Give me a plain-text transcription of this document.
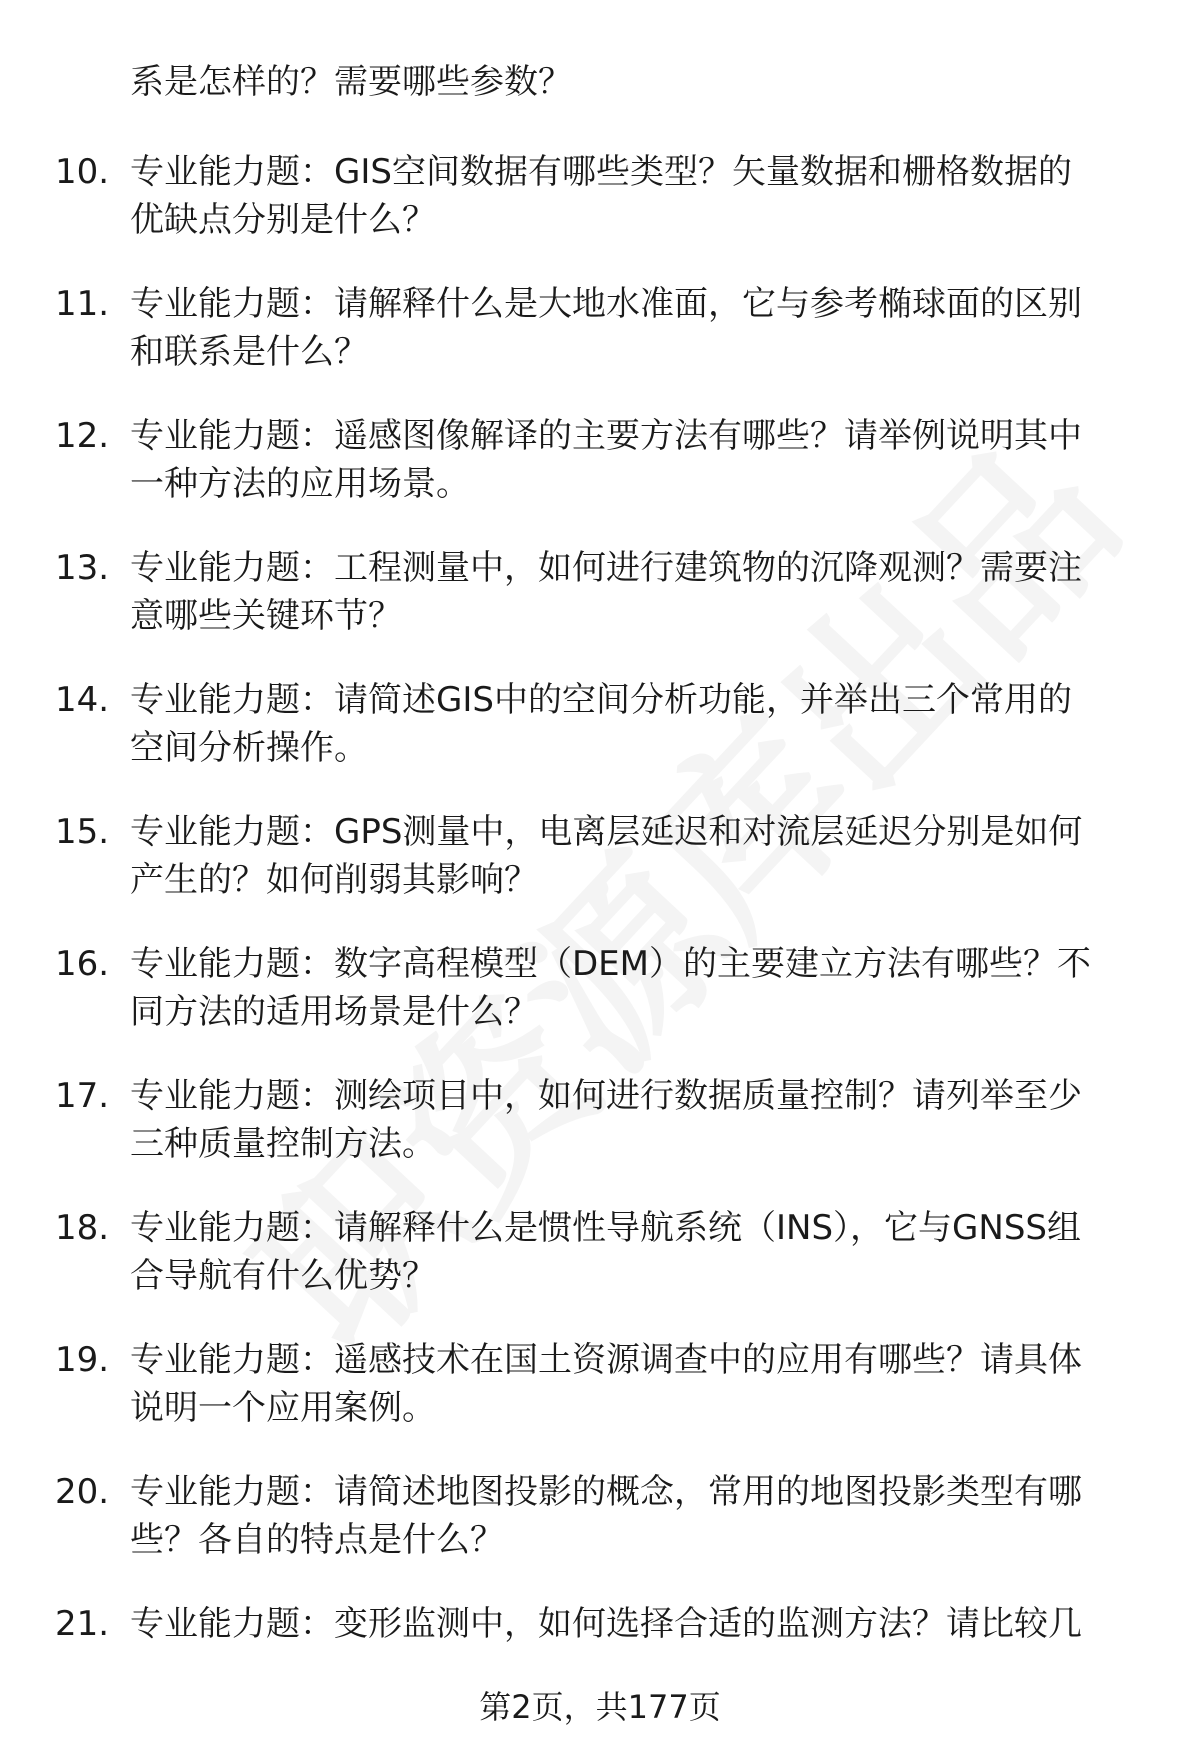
系是怎样的？需要哪些参数？
10. 专业能力题：GIS空间数据有哪些类型？矢量数据和栅格数据的
优缺点分别是什么？
11. 专业能力题：请解释什么是大地水准面，它与参考椭球面的区别
和联系是什么？
12. 专业能力题：遥感图像解译的主要方法有哪些？请举例说明其中
一种方法的应用场景。
13. 专业能力题：工程测量中，如何进行建筑物的沉降观测？需要注
意哪些关键环节？
14. 专业能力题：请简述GIS中的空间分析功能，并举出三个常用的
空间分析操作。
15. 专业能力题：GPS测量中，电离层延迟和对流层延迟分别是如何
产生的？如何削弱其影响？
16. 专业能力题：数字高程模型（DEM）的主要建立方法有哪些？不
同方法的适用场景是什么？
17. 专业能力题：测绘项目中，如何进行数据质量控制？请列举至少
三种质量控制方法。
18. 专业能力题：请解释什么是惯性导航系统（INS），它与GNSS组
合导航有什么优势？
19. 专业能力题：遥感技术在国土资源调查中的应用有哪些？请具体
说明一个应用案例。
20. 专业能力题：请简述地图投影的概念，常用的地图投影类型有哪
些？各自的特点是什么？
21. 专业能力题：变形监测中，如何选择合适的监测方法？请比较几
第2页，共177页
